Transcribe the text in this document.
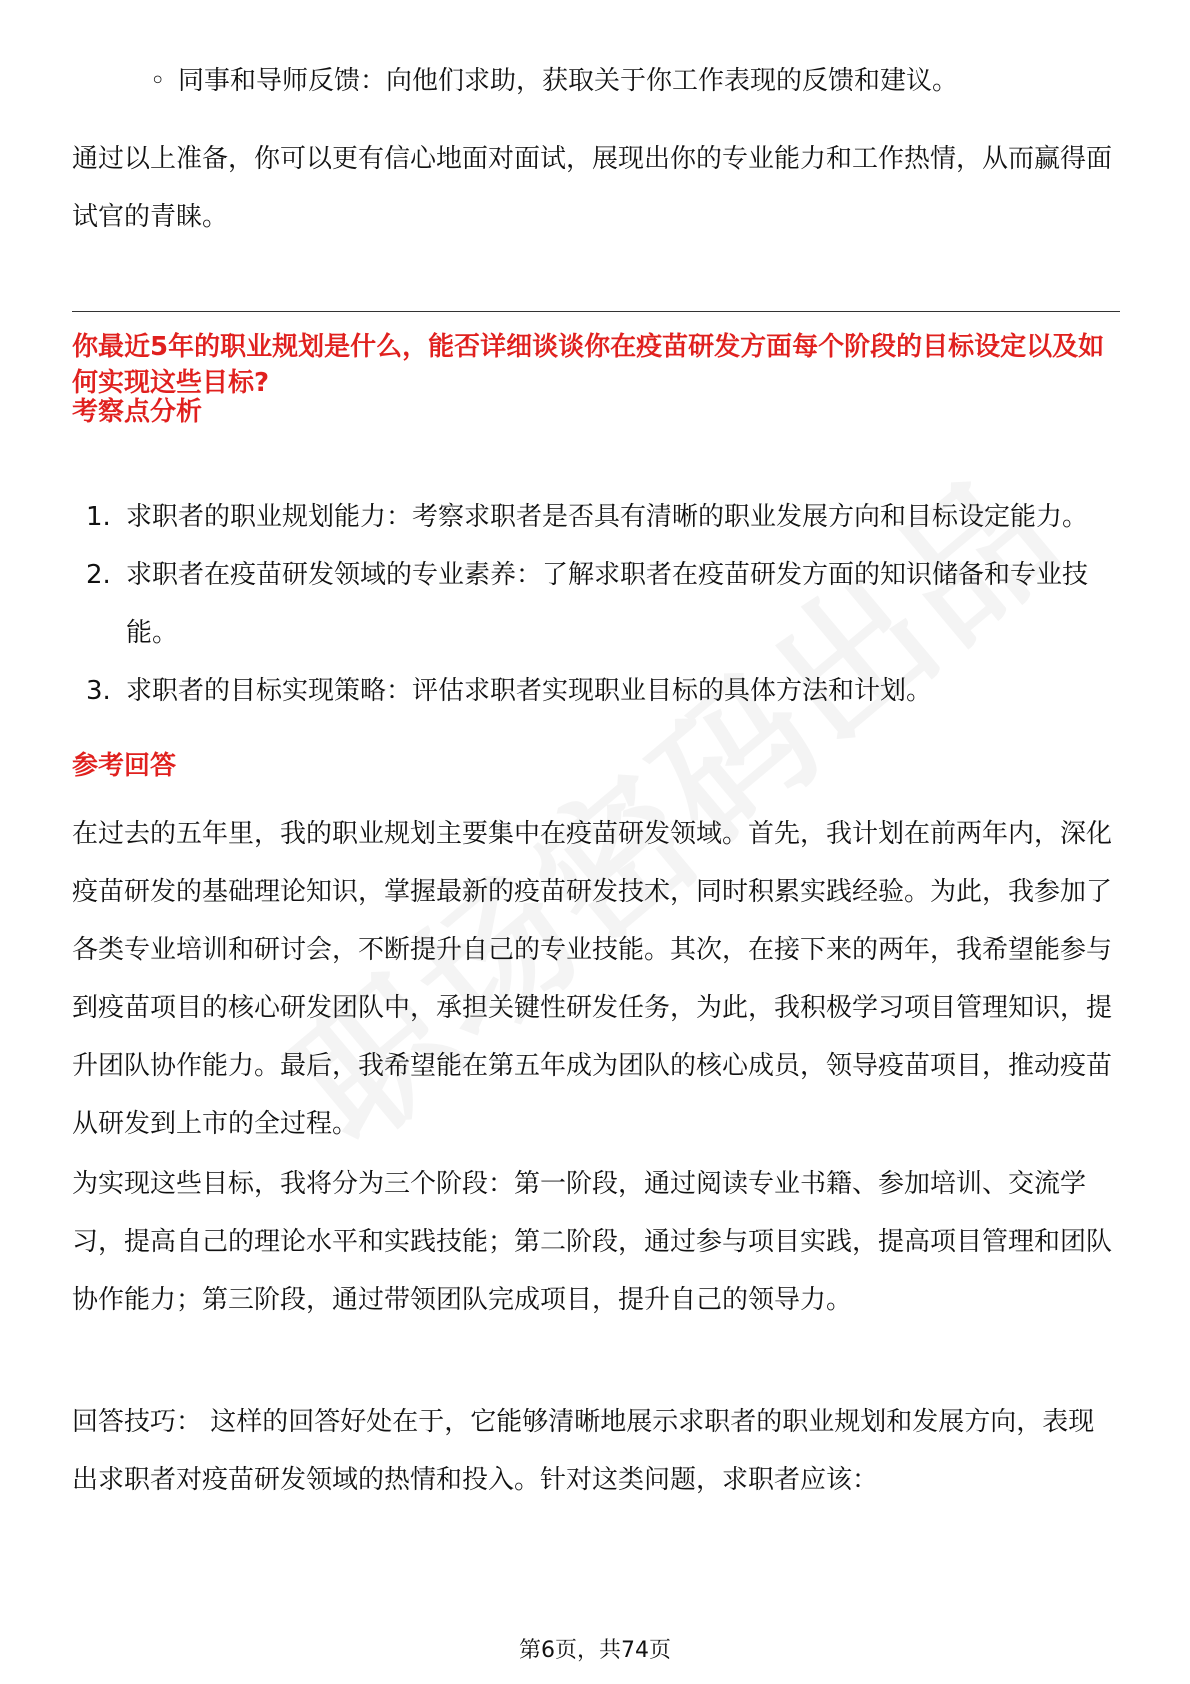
◦ 同事和导师反馈：向他们求助，获取关于你工作表现的反馈和建议。

通过以上准备，你可以更有信心地面对面试，展现出你的专业能力和工作热情，从而赢得面试官的青睐。

你最近5年的职业规划是什么，能否详细谈谈你在疫苗研发方面每个阶段的目标设定以及如何实现这些目标?
考察点分析
1. 求职者的职业规划能力：考察求职者是否具有清晰的职业发展方向和目标设定能力。
2. 求职者在疫苗研发领域的专业素养：了解求职者在疫苗研发方面的知识储备和专业技能。
3. 求职者的目标实现策略：评估求职者实现职业目标的具体方法和计划。
参考回答

在过去的五年里，我的职业规划主要集中在疫苗研发领域。首先，我计划在前两年内，深化疫苗研发的基础理论知识，掌握最新的疫苗研发技术，同时积累实践经验。为此，我参加了各类专业培训和研讨会，不断提升自己的专业技能。其次，在接下来的两年，我希望能参与到疫苗项目的核心研发团队中，承担关键性研发任务，为此，我积极学习项目管理知识，提升团队协作能力。最后，我希望能在第五年成为团队的核心成员，领导疫苗项目，推动疫苗从研发到上市的全过程。

为实现这些目标，我将分为三个阶段：第一阶段，通过阅读专业书籍、参加培训、交流学习，提高自己的理论水平和实践技能；第二阶段，通过参与项目实践，提高项目管理和团队协作能力；第三阶段，通过带领团队完成项目，提升自己的领导力。

回答技巧： 这样的回答好处在于，它能够清晰地展示求职者的职业规划和发展方向，表现出求职者对疫苗研发领域的热情和投入。针对这类问题，求职者应该：

第6页，共74页
